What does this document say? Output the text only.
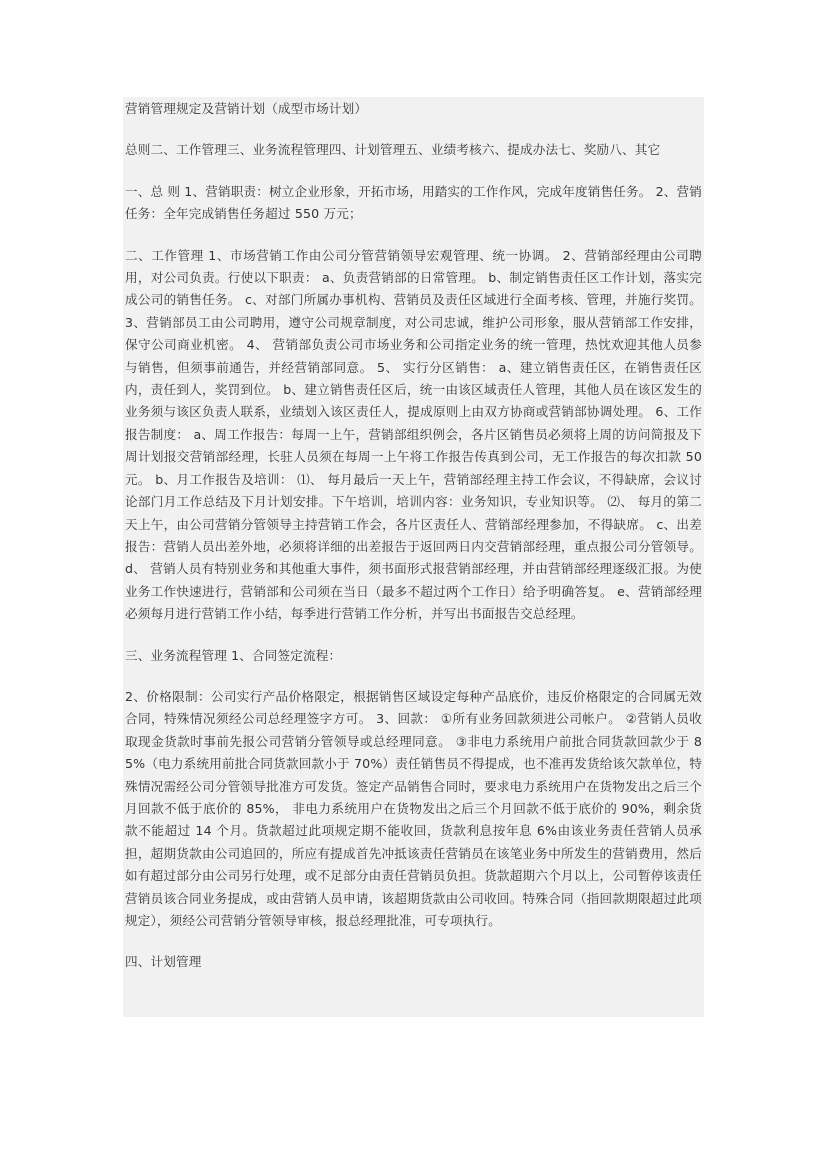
营销管理规定及营销计划（成型市场计划）

总则二、工作管理三、业务流程管理四、计划管理五、业绩考核六、提成办法七、奖励八、其它

一、总 则 1、营销职责：树立企业形象，开拓市场，用踏实的工作作风，完成年度销售任务。 2、营销任务：全年完成销售任务超过 550 万元；

二、工作管理 1、市场营销工作由公司分管营销领导宏观管理、统一协调。 2、营销部经理由公司聘用，对公司负责。行使以下职责： a、负责营销部的日常管理。 b、制定销售责任区工作计划，落实完成公司的销售任务。 c、对部门所属办事机构、营销员及责任区域进行全面考核、管理，并施行奖罚。 3、营销部员工由公司聘用，遵守公司规章制度，对公司忠诚，维护公司形象，服从营销部工作安排，保守公司商业机密。 4、 营销部负责公司市场业务和公司指定业务的统一管理，热忱欢迎其他人员参与销售，但须事前通告，并经营销部同意。 5、 实行分区销售： a、建立销售责任区，在销售责任区内，责任到人，奖罚到位。 b、建立销售责任区后，统一由该区域责任人管理，其他人员在该区发生的业务须与该区负责人联系，业绩划入该区责任人，提成原则上由双方协商或营销部协调处理。 6、工作报告制度： a、周工作报告：每周一上午，营销部组织例会，各片区销售员必须将上周的访问简报及下周计划报交营销部经理，长驻人员须在每周一上午将工作报告传真到公司，无工作报告的每次扣款 50 元。 b、月工作报告及培训： ⑴、 每月最后一天上午，营销部经理主持工作会议，不得缺席，会议讨论部门月工作总结及下月计划安排。下午培训，培训内容：业务知识，专业知识等。 ⑵、 每月的第二天上午，由公司营销分管领导主持营销工作会，各片区责任人、营销部经理参加，不得缺席。 c、出差报告：营销人员出差外地，必须将详细的出差报告于返回两日内交营销部经理，重点报公司分管领导。 d、 营销人员有特别业务和其他重大事件，须书面形式报营销部经理，并由营销部经理逐级汇报。为使业务工作快速进行，营销部和公司须在当日（最多不超过两个工作日）给予明确答复。 e、营销部经理必须每月进行营销工作小结，每季进行营销工作分析，并写出书面报告交总经理。

三、业务流程管理 1、合同签定流程：

2、价格限制：公司实行产品价格限定，根据销售区域设定每种产品底价，违反价格限定的合同属无效合同，特殊情况须经公司总经理签字方可。 3、回款： ①所有业务回款须进公司帐户。 ②营销人员收取现金货款时事前先报公司营销分管领导或总经理同意。 ③非电力系统用户前批合同货款回款少于 85%（电力系统用前批合同货款回款小于 70%）责任销售员不得提成，也不准再发货给该欠款单位，特殊情况需经公司分管领导批准方可发货。签定产品销售合同时，要求电力系统用户在货物发出之后三个月回款不低于底价的 85%， 非电力系统用户在货物发出之后三个月回款不低于底价的 90%，剩余货款不能超过 14 个月。货款超过此项规定期不能收回，货款利息按年息 6%由该业务责任营销人员承担，超期货款由公司追回的，所应有提成首先冲抵该责任营销员在该笔业务中所发生的营销费用，然后如有超过部分由公司另行处理，或不足部分由责任营销员负担。货款超期六个月以上，公司暂停该责任营销员该合同业务提成，或由营销人员申请，该超期货款由公司收回。特殊合同（指回款期限超过此项规定），须经公司营销分管领导审核，报总经理批准，可专项执行。

四、计划管理
